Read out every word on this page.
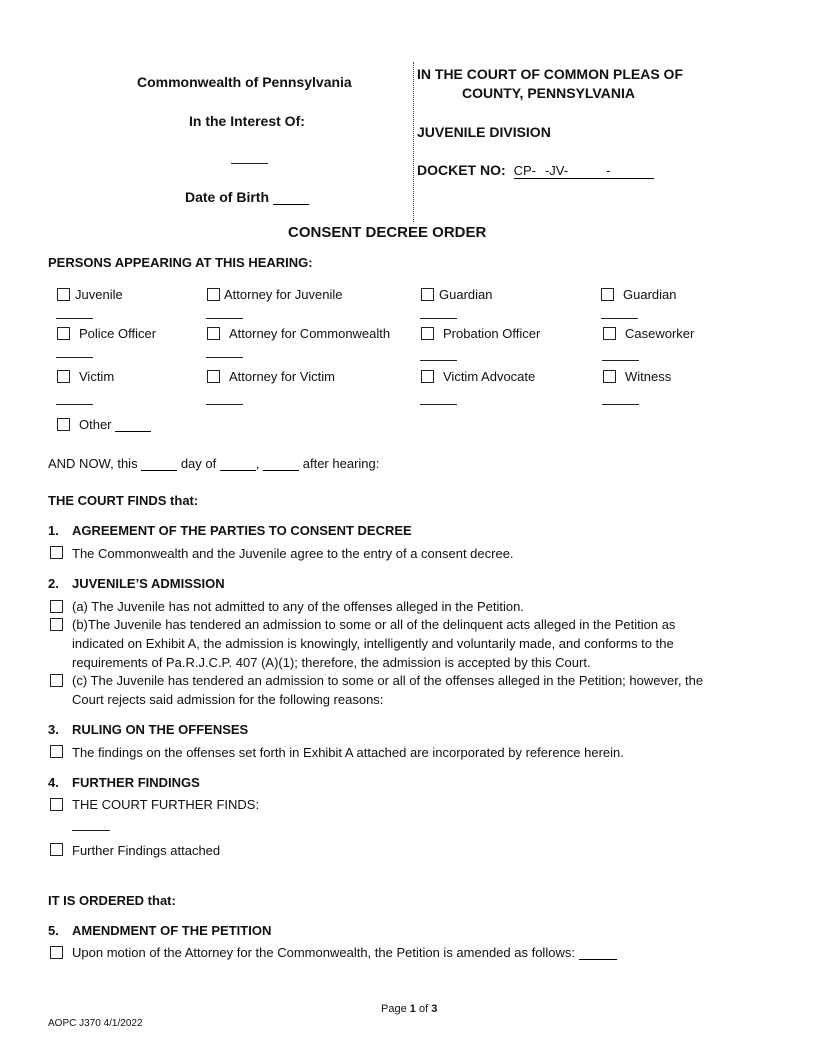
Commonwealth of Pennsylvania
In the Interest Of:
Date of Birth
IN THE COURT OF COMMON PLEAS OF
COUNTY, PENNSYLVANIA
JUVENILE DIVISION
DOCKET NO: CP- -JV-	-
CONSENT DECREE ORDER
PERSONS APPEARING AT THIS HEARING:
Juvenile	Attorney for Juvenile	Guardian	Guardian
Police Officer	Attorney for Commonwealth	Probation Officer	Caseworker
Victim	Attorney for Victim	Victim Advocate	Witness
Other
AND NOW, this	day of	,	after hearing:
THE COURT FINDS that:
1. AGREEMENT OF THE PARTIES TO CONSENT DECREE
The Commonwealth and the Juvenile agree to the entry of a consent decree.
2. JUVENILE’S ADMISSION
(a) The Juvenile has not admitted to any of the offenses alleged in the Petition.
(b)The Juvenile has tendered an admission to some or all of the delinquent acts alleged in the Petition as
indicated on Exhibit A, the admission is knowingly, intelligently and voluntarily made, and conforms to the
requirements of Pa.R.J.C.P. 407 (A)(1); therefore, the admission is accepted by this Court.
(c) The Juvenile has tendered an admission to some or all of the offenses alleged in the Petition; however, the
Court rejects said admission for the following reasons:
3. RULING ON THE OFFENSES
The findings on the offenses set forth in Exhibit A attached are incorporated by reference herein.
4. FURTHER FINDINGS
THE COURT FURTHER FINDS:
Further Findings attached
IT IS ORDERED that:
5. AMENDMENT OF THE PETITION
Upon motion of the Attorney for the Commonwealth, the Petition is amended as follows:
Page 1 of 3
AOPC J370 4/1/2022
